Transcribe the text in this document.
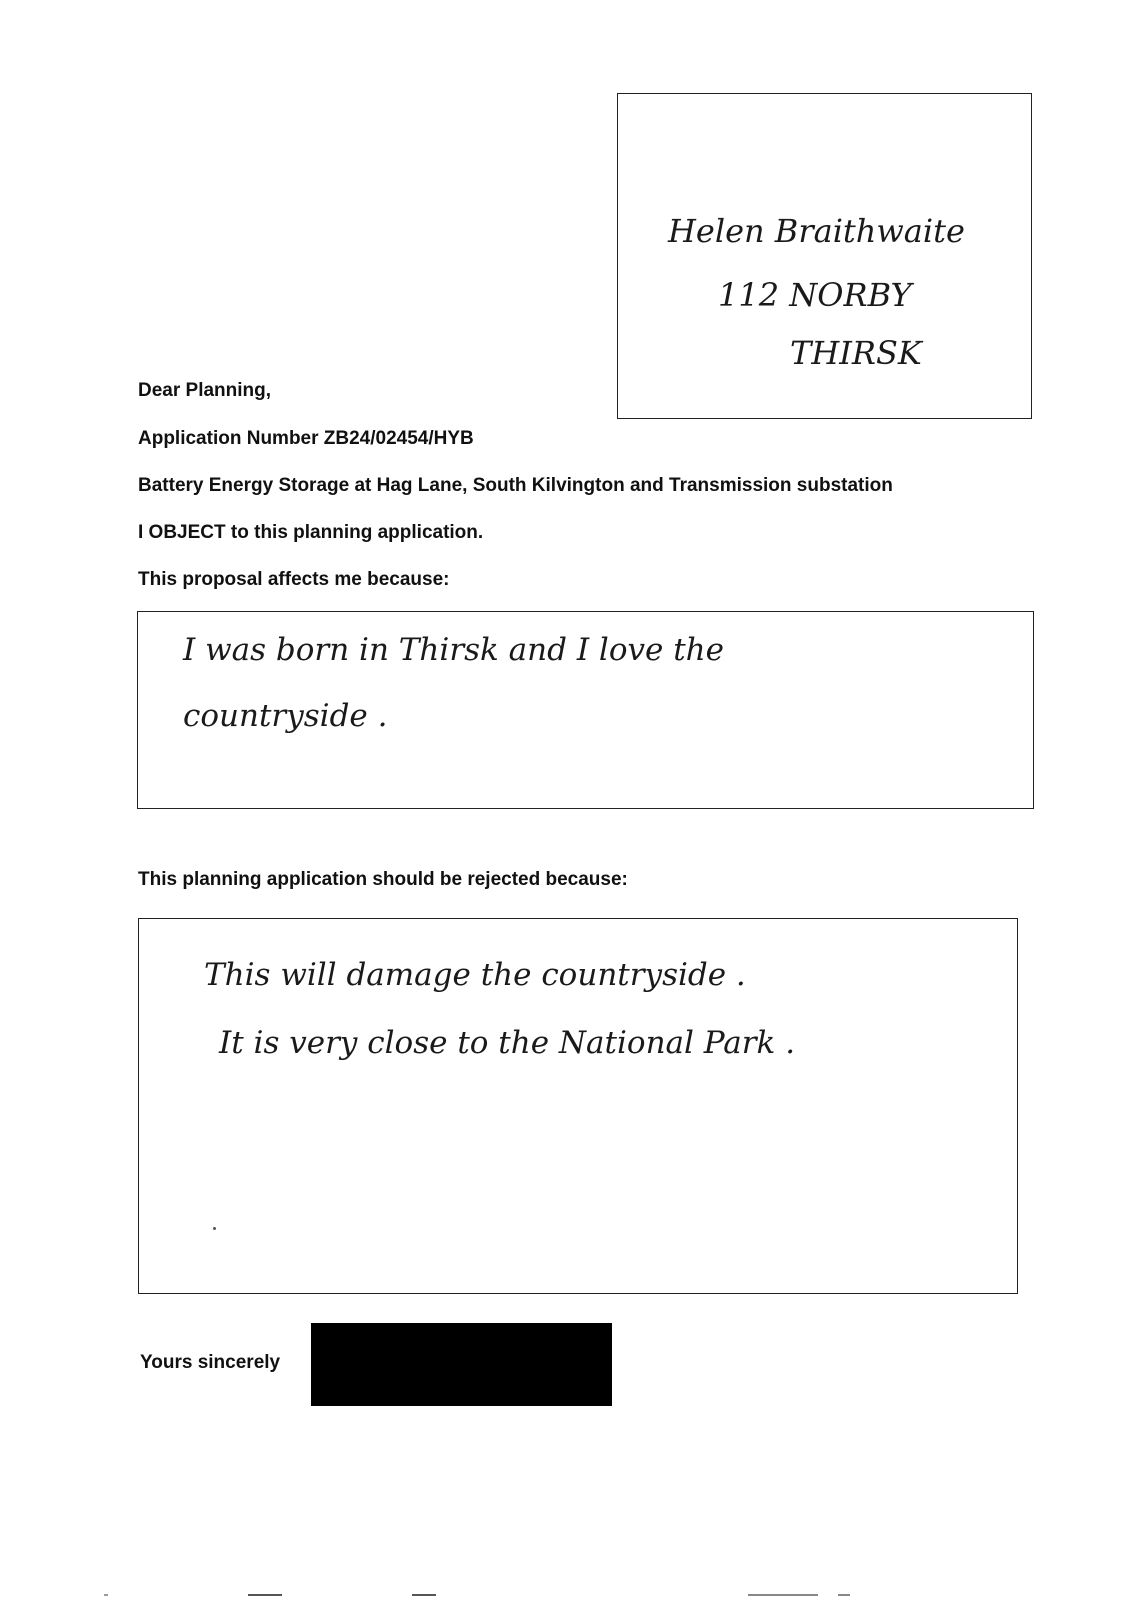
Helen Braithwaite
112 NORBY
THIRSK
Dear Planning,
Application Number ZB24/02454/HYB
Battery Energy Storage at Hag Lane, South Kilvington and Transmission substation
I OBJECT to this planning application.
This proposal affects me because:
I was born in Thirsk and I love the
countryside .
This planning application should be rejected because:
This will damage the countryside .
It is very close to the National Park .
Yours sincerely
